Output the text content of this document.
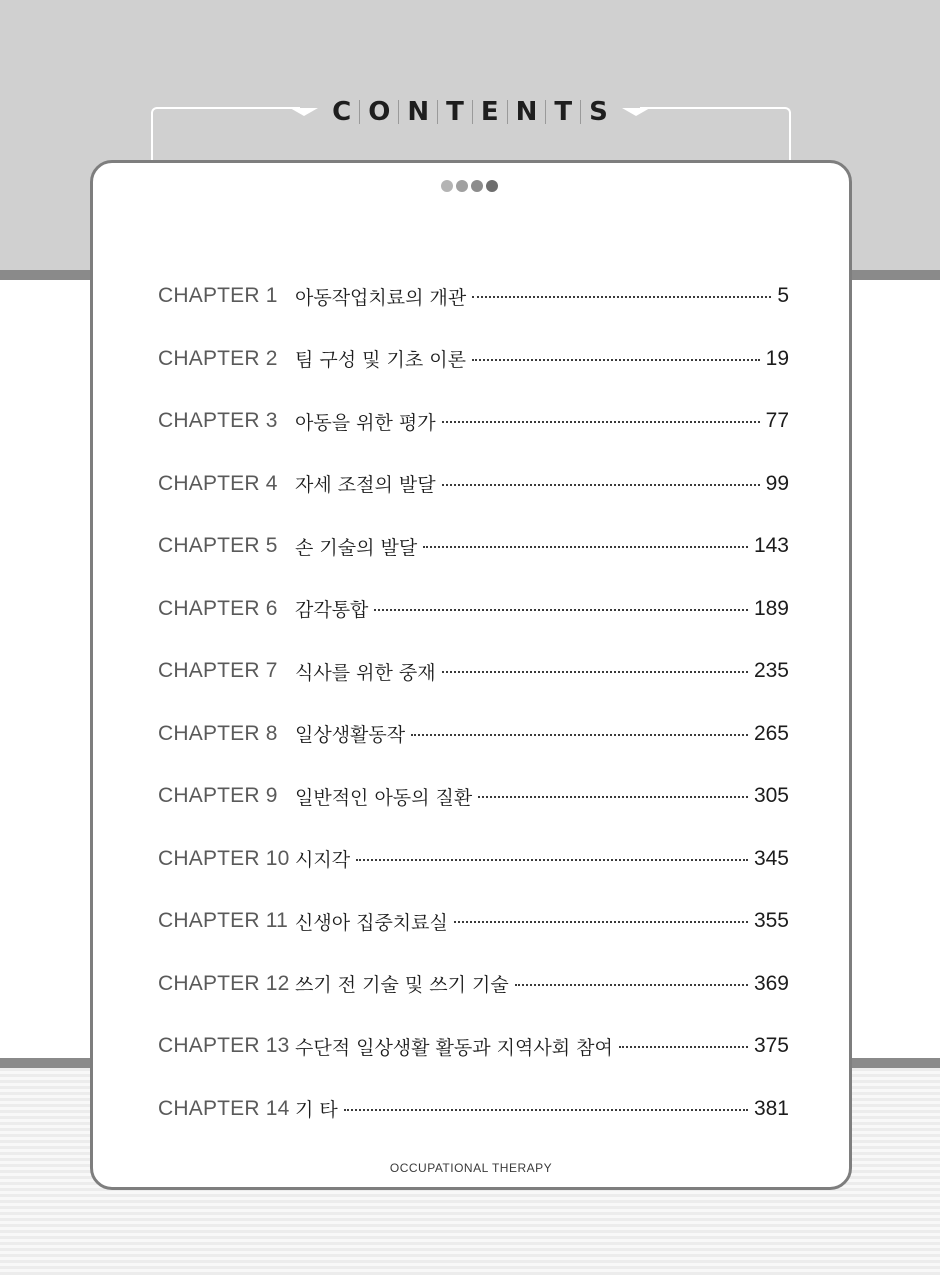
C O N T E N T S
CHAPTER 1 아동작업치료의 개관	5
CHAPTER 2 팀 구성 및 기초 이론	19
CHAPTER 3 아동을 위한 평가	77
CHAPTER 4 자세 조절의 발달	99
CHAPTER 5 손 기술의 발달	143
CHAPTER 6 감각통합	189
CHAPTER 7 식사를 위한 중재	235
CHAPTER 8 일상생활동작	265
CHAPTER 9 일반적인 아동의 질환	305
CHAPTER 10 시지각	345
CHAPTER 11 신생아 집중치료실	355
CHAPTER 12 쓰기 전 기술 및 쓰기 기술	369
CHAPTER 13 수단적 일상생활 활동과 지역사회 참여	375
CHAPTER 14 기 타	381
OCCUPATIONAL THERAPY
